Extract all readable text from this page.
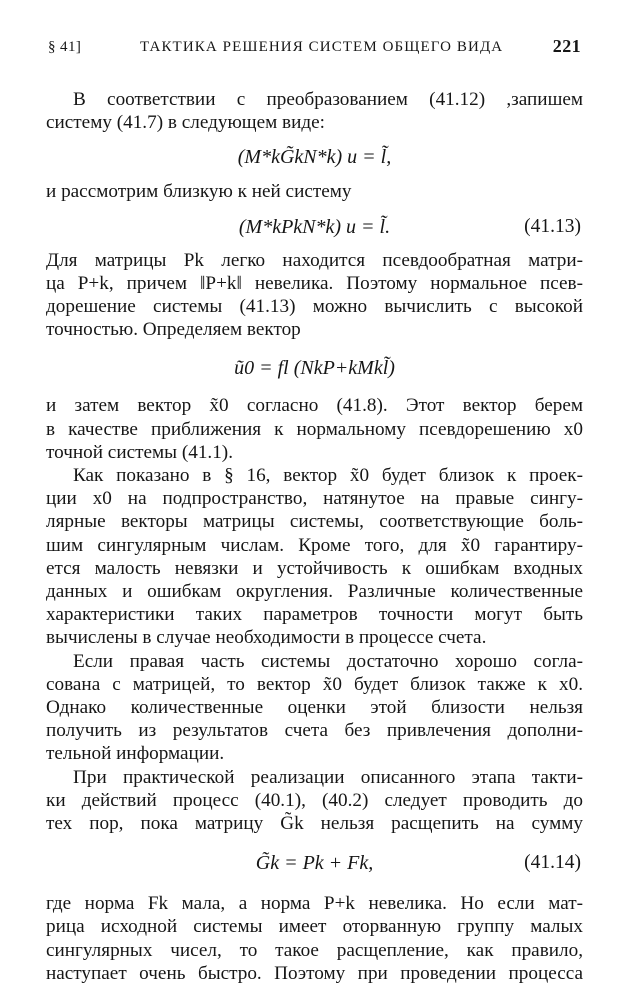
§ 41]	ТАКТИКА РЕШЕНИЯ СИСТЕМ ОБЩЕГО ВИДА	221
В соответствии с преобразованием (41.12) ,запишем
систему (41.7) в следующем виде:
(M*kG̃kN*k) u = l̃,
и рассмотрим близкую к ней систему
(M*kPkN*k) u = l̃.	(41.13)
Для матрицы Pk легко находится псевдообратная матри-
ца P+k, причем ‖P+k‖ невелика. Поэтому нормальное псев-
дорешение системы (41.13) можно вычислить с высокой
точностью. Определяем вектор
ũ0 = fl (NkP+kMkl̃)
и затем вектор x̃0 согласно (41.8). Этот вектор берем
в качестве приближения к нормальному псевдорешению x0
точной системы (41.1).
Как показано в § 16, вектор x̃0 будет близок к проек-
ции x0 на подпространство, натянутое на правые сингу-
лярные векторы матрицы системы, соответствующие боль-
шим сингулярным числам. Кроме того, для x̃0 гарантиру-
ется малость невязки и устойчивость к ошибкам входных
данных и ошибкам округления. Различные количественные
характеристики таких параметров точности могут быть
вычислены в случае необходимости в процессе счета.
Если правая часть системы достаточно хорошо согла-
сована с матрицей, то вектор x̃0 будет близок также к x0.
Однако количественные оценки этой близости нельзя
получить из результатов счета без привлечения дополни-
тельной информации.
При практической реализации описанного этапа такти-
ки действий процесс (40.1), (40.2) следует проводить до
тех пор, пока матрицу G̃k нельзя расщепить на сумму
G̃k = Pk + Fk,	(41.14)
где норма Fk мала, а норма P+k невелика. Но если мат-
рица исходной системы имеет оторванную группу малых
сингулярных чисел, то такое расщепление, как правило,
наступает очень быстро. Поэтому при проведении процесса
